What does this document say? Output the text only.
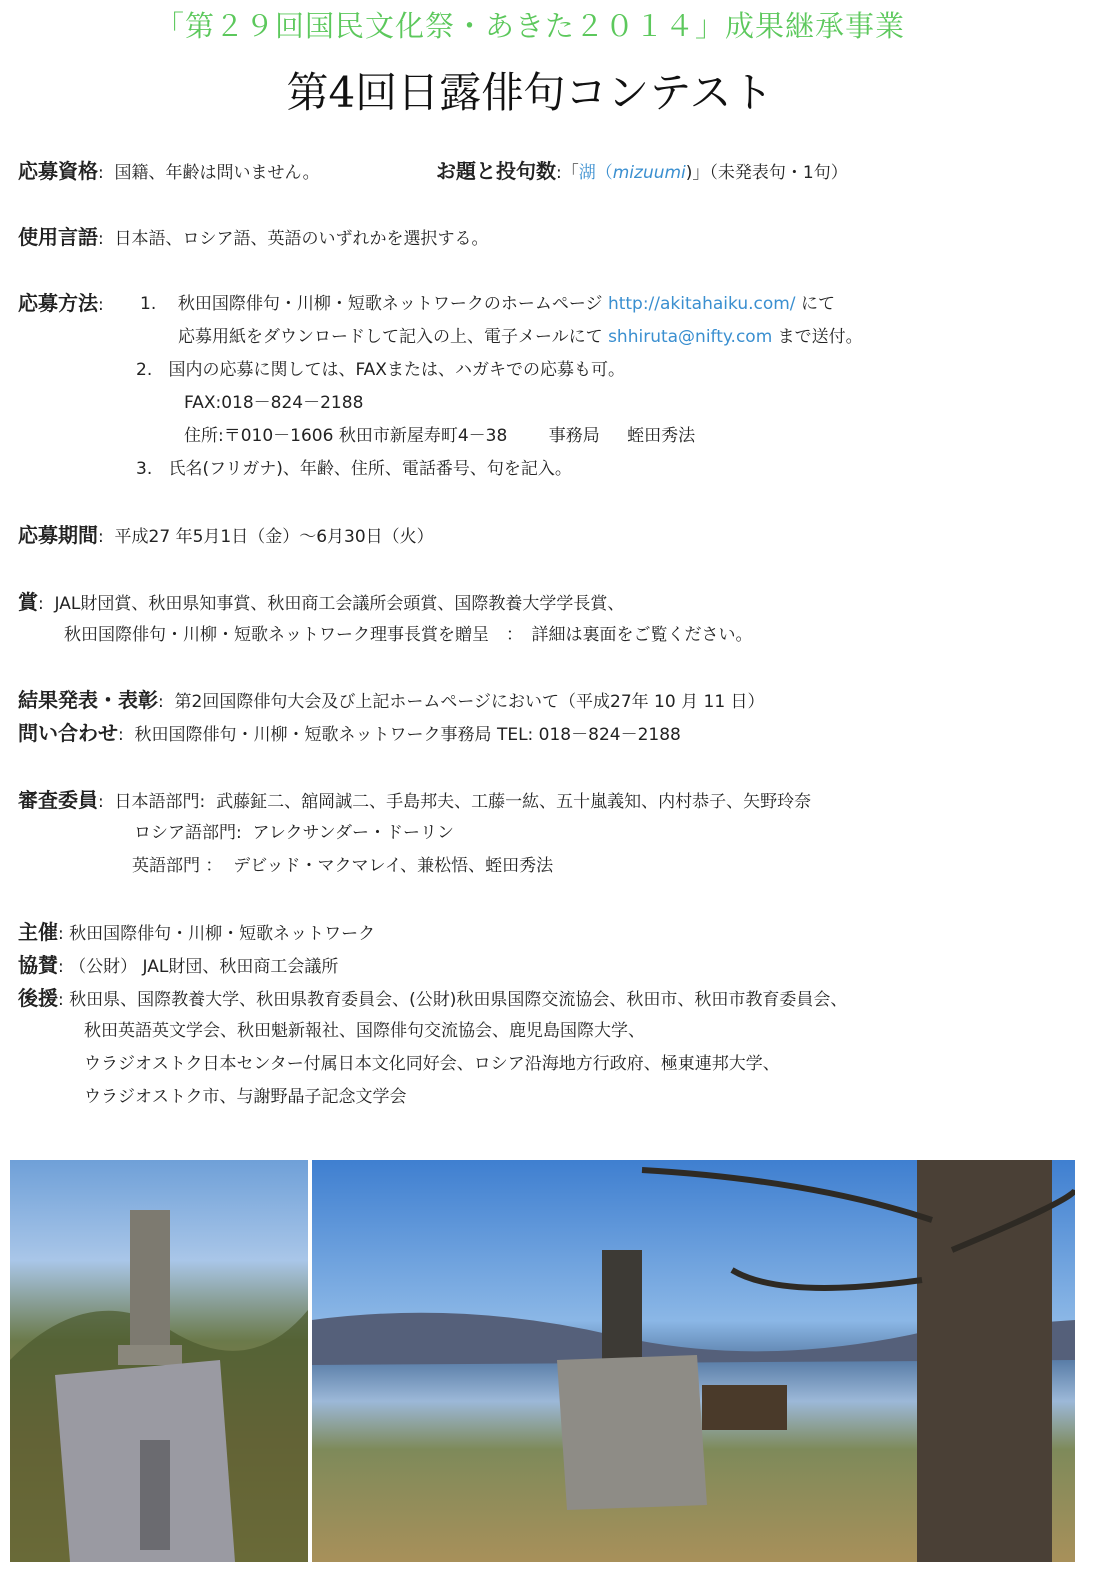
「第２９回国民文化祭・あきた２０１４」成果継承事業
第4回日露俳句コンテスト
応募資格:  国籍、年齢は問いません。	お題と投句数:「湖（mizuumi)」（未発表句・1句）
使用言語:  日本語、ロシア語、英語のいずれかを選択する。
応募方法: 1. 秋田国際俳句・川柳・短歌ネットワークのホームページ http://akitahaiku.com/ にて
応募用紙をダウンロードして記入の上、電子メールにて shhiruta@nifty.com まで送付。
2. 国内の応募に関しては、FAXまたは、ハガキでの応募も可。
FAX:018－824－2188
住所:〒010－1606 秋田市新屋寿町4－38 事務局 蛭田秀法
3. 氏名(フリガナ)、年齢、住所、電話番号、句を記入。
応募期間:  平成27 年5月1日（金）～6月30日（火）
賞:  JAL財団賞、秋田県知事賞、秋田商工会議所会頭賞、国際教養大学学長賞、
秋田国際俳句・川柳・短歌ネットワーク理事長賞を贈呈　：　詳細は裏面をご覧ください。
結果発表・表彰:  第2回国際俳句大会及び上記ホームページにおいて（平成27年 10 月 11 日）
問い合わせ:  秋田国際俳句・川柳・短歌ネットワーク事務局 TEL: 018－824－2188
審査委員:  日本語部門: 武藤鉦二、舘岡誠二、手島邦夫、工藤一紘、五十嵐義知、内村恭子、矢野玲奈
ロシア語部門: アレクサンダー・ドーリン
英語部門 ： デビッド・マクマレイ、兼松悟、蛭田秀法
主催: 秋田国際俳句・川柳・短歌ネットワーク
協賛: （公財） JAL財団、秋田商工会議所
後援: 秋田県、国際教養大学、秋田県教育委員会、(公財)秋田県国際交流協会、秋田市、秋田市教育委員会、
秋田英語英文学会、秋田魁新報社、国際俳句交流協会、鹿児島国際大学、
ウラジオストク日本センター付属日本文化同好会、ロシア沿海地方行政府、極東連邦大学、
ウラジオストク市、与謝野晶子記念文学会
